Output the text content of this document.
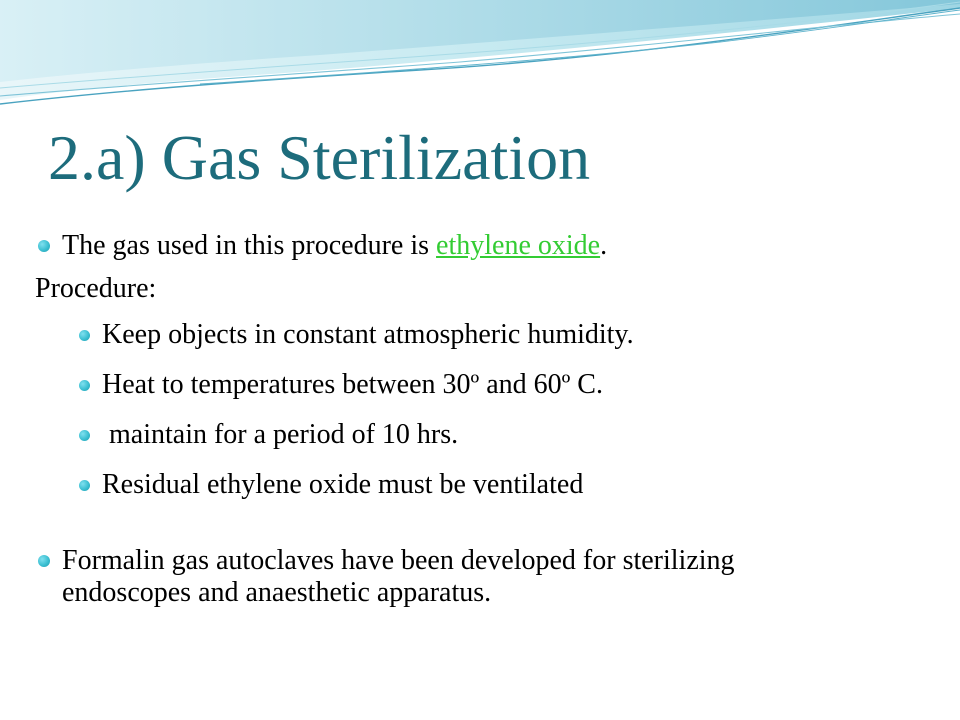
2.a) Gas Sterilization
The gas used in this procedure is ethylene oxide.
Procedure:
Keep objects in constant atmospheric humidity.
Heat to temperatures between 30º and 60º C.
maintain for a period of 10 hrs.
Residual ethylene oxide must be ventilated
Formalin gas autoclaves have been developed for sterilizing endoscopes and anaesthetic apparatus.
